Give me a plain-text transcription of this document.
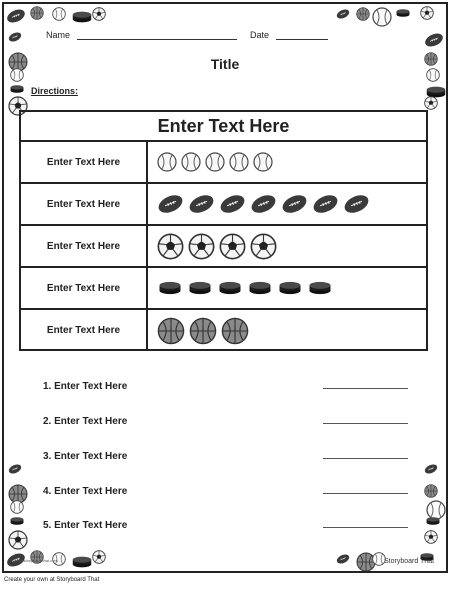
Name	Date
Title
Directions:
Enter Text Here
Enter Text Here
Enter Text Here
Enter Text Here
Enter Text Here
Enter Text Here
1. Enter Text Here
2. Enter Text Here
3. Enter Text Here
4. Enter Text Here
5. Enter Text Here
www.storyboardthat.com	Storyboard That
Create your own at Storyboard That
